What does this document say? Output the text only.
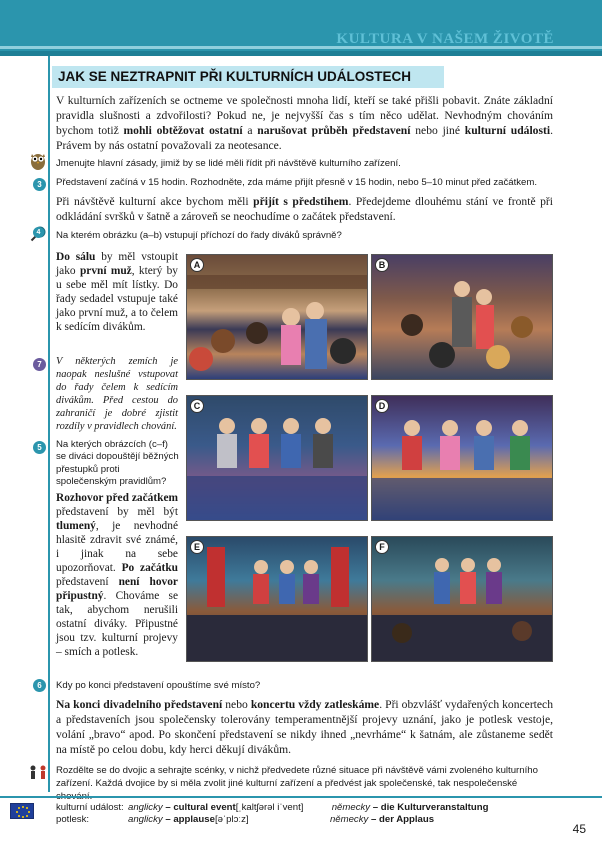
KULTURA V NAŠEM ŽIVOTĚ
JAK SE NEZTRAPNIT PŘI KULTURNÍCH UDÁLOSTECH
V kulturních zařízeních se octneme ve společnosti mnoha lidí, kteří se také přišli pobavit. Znáte základní pravidla slušnosti a zdvořilosti? Pokud ne, je nejvyšší čas s tím něco udělat. Nevhodným chováním bychom totiž mohli obtěžovat ostatní a narušovat průběh představení nebo jiné kulturní události. Právem by nás ostatní považovali za neotesance.
Jmenujte hlavní zásady, jimiž by se lidé měli řídit při návštěvě kulturního zařízení.
3	Představení začíná v 15 hodin. Rozhodněte, zda máme přijít přesně v 15 hodin, nebo 5–10 minut před začátkem.
Při návštěvě kulturní akce bychom měli přijít s předstihem. Předejdeme dlouhému stání ve frontě při odkládání svršků v šatně a zároveň se neochudíme o začátek představení.
4	Na kterém obrázku (a–b) vstupují příchozí do řady diváků správně?
Do sálu by měl vstoupit jako první muž, který by u sebe měl mít lístky. Do řady sedadel vstupuje také jako první muž, a to čelem k sedícím divákům.
7	V některých zemích je naopak neslušné vstupovat do řady čelem k sedícím divákům. Před cestou do zahraničí je dobré zjistit rozdíly v pravidlech chování.
5	Na kterých obrázcích (c–f) se diváci dopouštějí běžných přestupků proti společenským pravidlům?
Rozhovor před začátkem představení by měl být tlumený, je nevhodné hlasitě zdravit své známé, i jinak na sebe upozorňovat. Po začátku představení není hovor připustný. Chováme se tak, abychom nerušili ostatní diváky. Připustné jsou tzv. kulturní projevy – smích a potlesk.
A	B
C	D
E	F
6	Kdy po konci představení opouštíme své místo?
Na konci divadelního představení nebo koncertu vždy zatleskáme. Při obzvlášť vydařených koncertech a představeních jsou společensky tolerovány temperamentnější projevy uznání, jako je potlesk vestoje, volání „bravo“ apod. Po skončení představení se nikdy ihned „nevrháme“ k šatnám, ale zůstaneme sedět na místě po celou dobu, kdy herci děkují divákům.
Rozdělte se do dvojic a sehrajte scénky, v nichž předvedete různé situace při návštěvě vámi zvoleného kulturního zařízení. Každá dvojice by si měla zvolit jiné kulturní zařízení a předvést jak společenské, tak nespolečenské chování.
kulturní událost: anglicky – cultural event[ˌkaltʃərəl iˈvent]	německy – die Kulturveranstaltung
potlesk:	anglicky – applause[əˈplɔːz]	německy – der Applaus
45
